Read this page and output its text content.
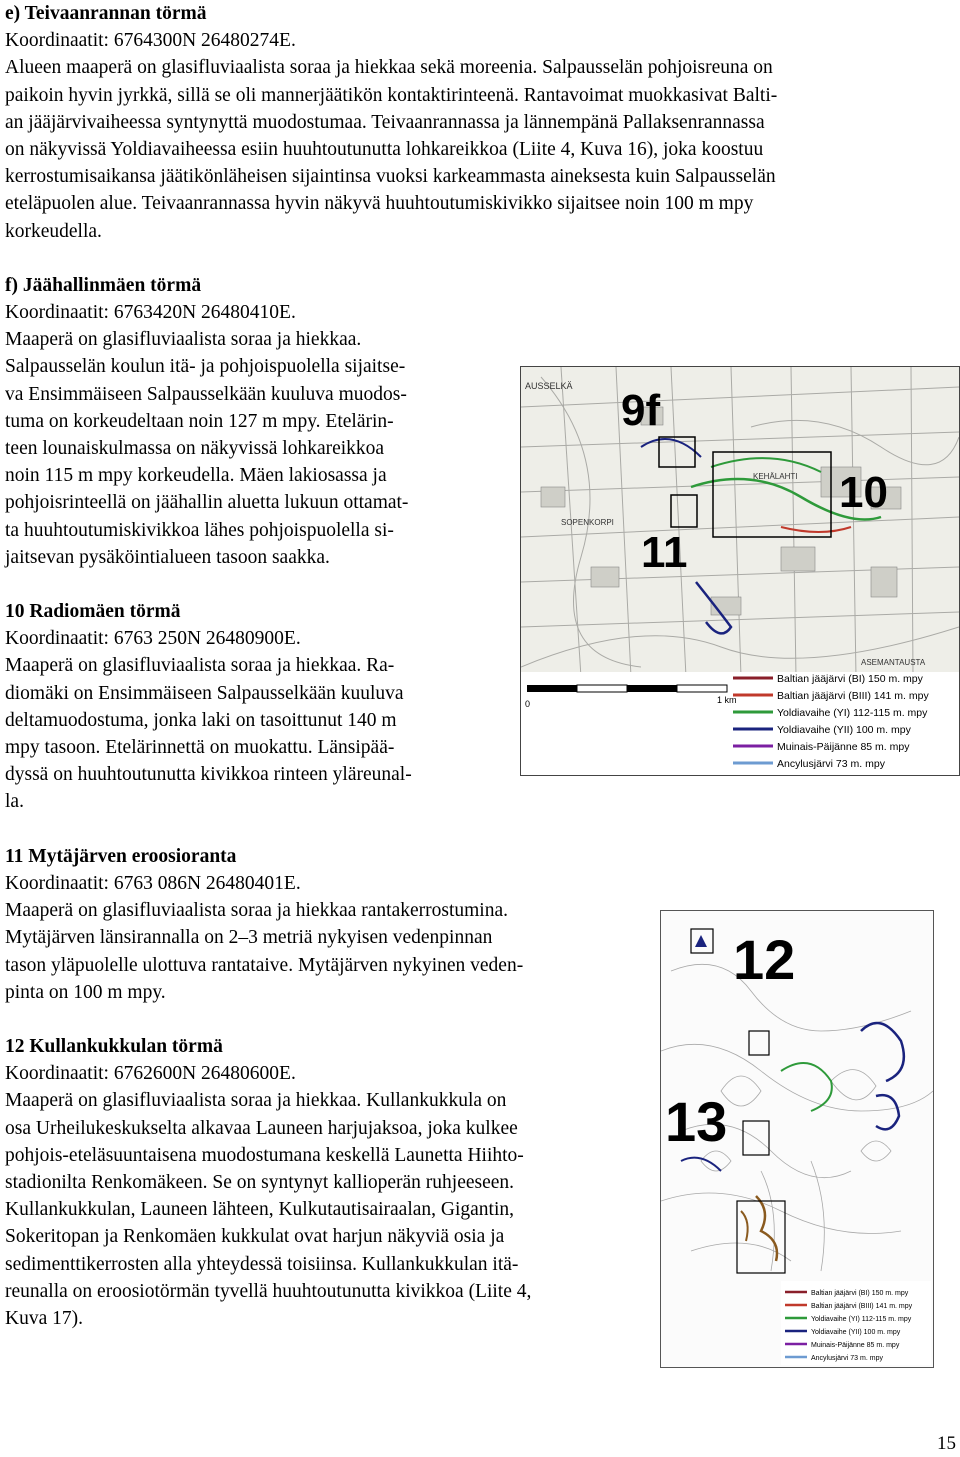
e) Teivaanrannan törmä

Koordinaatit: 6764300N 26480274E.

Alueen maaperä on glasifluviaalista soraa ja hiekkaa sekä moreenia. Salpausselän pohjoisreuna on

paikoin hyvin jyrkkä, sillä se oli mannerjäätikön kontaktirinteenä. Rantavoimat muokkasivat Balti-

an jääjärvivaiheessa syntynyttä muodostumaa. Teivaanrannassa ja lännempänä Pallaksenrannassa

on näkyvissä Yoldiavaiheessa esiin huuhtoutunutta lohkareikkoa (Liite 4, Kuva 16), joka koostuu

kerrostumisaikansa jäätikönläheisen sijaintinsa vuoksi karkeammasta aineksesta kuin Salpausselän

eteläpuolen alue. Teivaanrannassa hyvin näkyvä huuhtoutumiskivikko sijaitsee noin 100 m mpy

korkeudella.

f) Jäähallinmäen törmä

Koordinaatit: 6763420N 26480410E.

Maaperä on glasifluviaalista soraa ja hiekkaa.

Salpausselän koulun itä- ja pohjoispuolella sijaitse-

va Ensimmäiseen Salpausselkään kuuluva muodos-

tuma on korkeudeltaan noin 127 m mpy. Etelärin-

teen lounaiskulmassa on näkyvissä lohkareikkoa

noin 115 m mpy korkeudella. Mäen lakiosassa ja

pohjoisrinteellä on jäähallin aluetta lukuun ottamat-

ta huuhtoutumiskivikkoa lähes pohjoispuolella si-

jaitsevan pysäköintialueen tasoon saakka.

10 Radiomäen törmä

Koordinaatit: 6763 250N 26480900E.

Maaperä on glasifluviaalista soraa ja hiekkaa. Ra-

diomäki on Ensimmäiseen Salpausselkään kuuluva

deltamuodostuma, jonka laki on tasoittunut 140 m

mpy tasoon. Etelärinnettä on muokattu. Länsipää-

dyssä on huuhtoutunutta kivikkoa rinteen yläreunal-

la.

11 Mytäjärven eroosioranta

Koordinaatit: 6763 086N 26480401E.

Maaperä on glasifluviaalista soraa ja hiekkaa rantakerrostumina.

Mytäjärven länsirannalla on 2–3 metriä nykyisen vedenpinnan

tason yläpuolelle ulottuva rantataive. Mytäjärven nykyinen veden-

pinta on 100 m mpy.

12 Kullankukkulan törmä

Koordinaatit: 6762600N 26480600E.

Maaperä on glasifluviaalista soraa ja hiekkaa. Kullankukkula on

osa Urheilukeskukselta alkavaa Launeen harjujaksoa, joka kulkee

pohjois-eteläsuuntaisena muodostumana keskellä Launetta Hiihto-

stadionilta Renkomäkeen. Se on syntynyt kallioperän ruhjeeseen.

Kullankukkulan, Launeen lähteen, Kulkutautisairaalan, Gigantin,

Sokeritopan ja Renkomäen kukkulat ovat harjun näkyviä osia ja

sedimenttikerrosten alla yhteydessä toisiinsa. Kullankukkulan itä-

reunalla on eroosiotörmän tyvellä huuhtoutunutta kivikkoa (Liite 4,

Kuva 17).

9f
10
11
AUSSELKÄ
KEHÄLAHTI
SOPENKORPI
ASEMANTAUSTA
0	1 km
Baltian jääjärvi (BI) 150 m. mpy
Baltian jääjärvi (BIII) 141 m. mpy
Yoldiavaihe (YI) 112-115 m. mpy
Yoldiavaihe (YII) 100 m. mpy
Muinais-Päijänne 85 m. mpy
Ancylusjärvi 73 m. mpy
12
13
Baltian jääjärvi (BI) 150 m. mpy
Baltian jääjärvi (BIII) 141 m. mpy
Yoldiavaihe (YI) 112-115 m. mpy
Yoldiavaihe (YII) 100 m. mpy
Muinais-Päijänne 85 m. mpy
Ancylusjärvi 73 m. mpy
15
